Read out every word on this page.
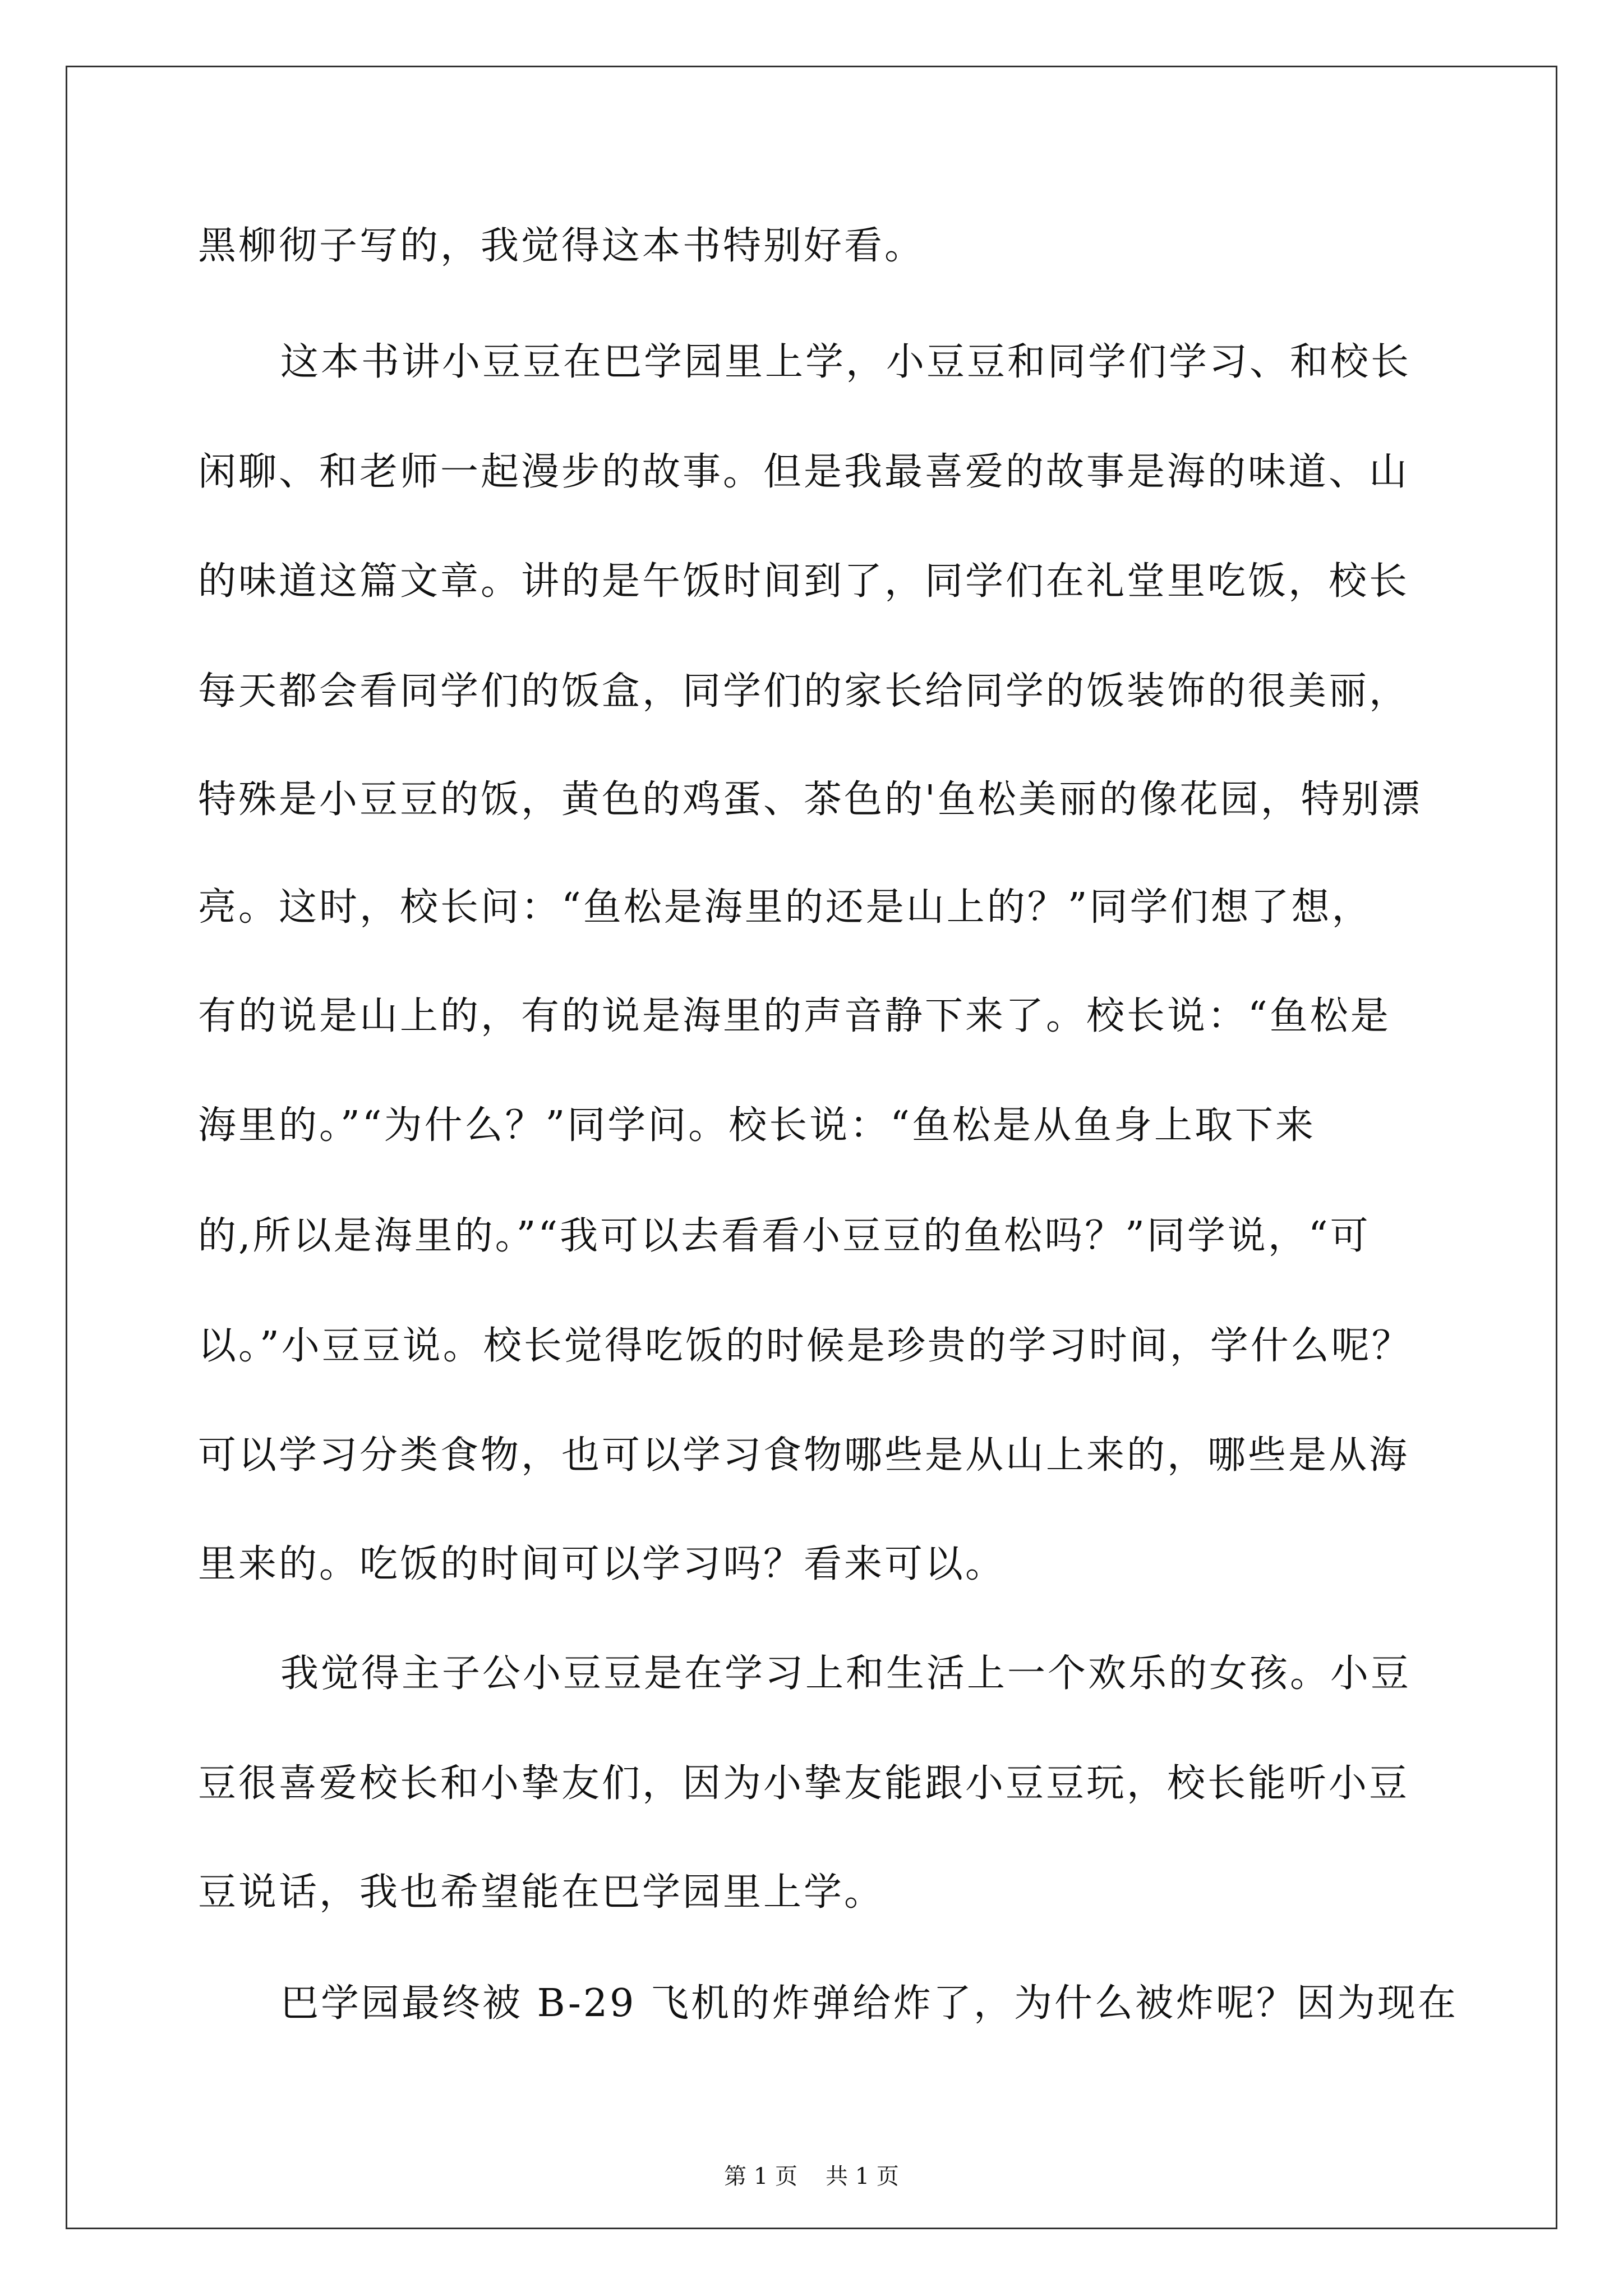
黑柳彻子写的，我觉得这本书特别好看。

这本书讲小豆豆在巴学园里上学，小豆豆和同学们学习、和校长

闲聊、和老师一起漫步的故事。但是我最喜爱的故事是海的味道、山

的味道这篇文章。讲的是午饭时间到了，同学们在礼堂里吃饭，校长

每天都会看同学们的饭盒，同学们的家长给同学的饭装饰的很美丽，

特殊是小豆豆的饭，黄色的鸡蛋、茶色的'鱼松美丽的像花园，特别漂

亮。这时，校长问：“鱼松是海里的还是山上的？”同学们想了想，

有的说是山上的，有的说是海里的声音静下来了。校长说：“鱼松是

海里的。”“为什么？”同学问。校长说：“鱼松是从鱼身上取下来

的,所以是海里的。”“我可以去看看小豆豆的鱼松吗？”同学说，“可

以。”小豆豆说。校长觉得吃饭的时候是珍贵的学习时间，学什么呢？

可以学习分类食物，也可以学习食物哪些是从山上来的，哪些是从海

里来的。吃饭的时间可以学习吗？看来可以。

我觉得主子公小豆豆是在学习上和生活上一个欢乐的女孩。小豆

豆很喜爱校长和小挚友们，因为小挚友能跟小豆豆玩，校长能听小豆

豆说话，我也希望能在巴学园里上学。

巴学园最终被 B-29 飞机的炸弹给炸了，为什么被炸呢？因为现在

第 1 页 共 1 页
